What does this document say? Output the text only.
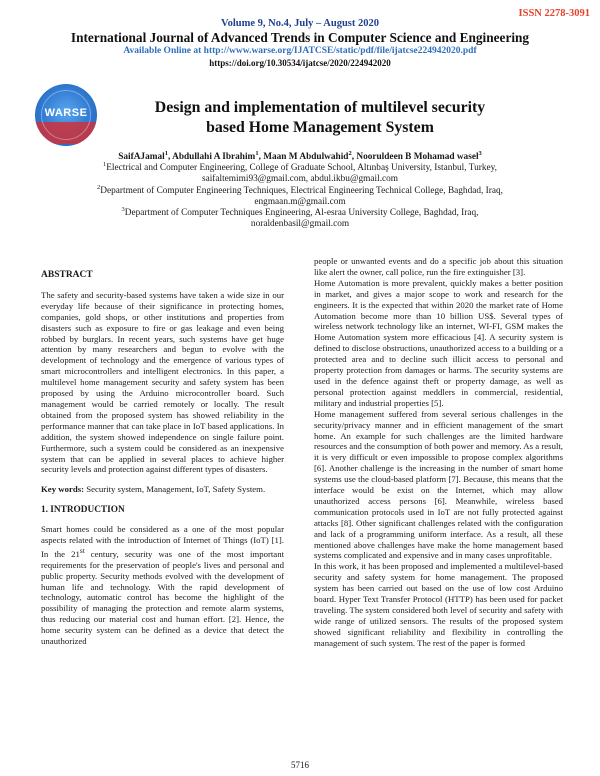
ISSN 2278-3091
Volume 9, No.4, July – August 2020
International Journal of Advanced Trends in Computer Science and Engineering
Available Online at http://www.warse.org/IJATCSE/static/pdf/file/ijatcse224942020.pdf
https://doi.org/10.30534/ijatcse/2020/224942020
WARSE	Design and implementation of multilevel security based Home Management System
SaifAJamal$^1$, Abdullahi A Ibrahim$^1$, Maan M Abdulwahid$^2$, Nooruldeen B Mohamad wasel$^3$
$^1$Electrical and Computer Engineering, College of Graduate School, Altınbaş University, Istanbul, Turkey,
saifaltemimi93@gmail.com, abdul.ikbu@gmail.com
$^2$Department of Computer Engineering Techniques, Electrical Engineering Technical College, Baghdad, Iraq,
engmaan.m@gmail.com
$^3$Department of Computer Techniques Engineering, Al-esraa University College, Baghdad, Iraq,
noraldenbasil@gmail.com

ABSTRACT

The safety and security-based systems have taken a wide size in our everyday life because of their significance in protecting homes, companies, gold shops, or other institutions and properties from disasters such as exposure to fire or gas leakage and even being robbed by burglars. In recent years, such systems have get huge attention by many researchers and begun to evolve with the development of technology and the emergence of various types of smart microcontrollers and intelligent electronics. In this paper, a multilevel home management security and safety system has been proposed by using the Arduino microcontroller board. Such management would be carried remotely or locally. The result obtained from the proposed system has showed reliability in the performance manner that can take place in IoT based applications. In addition, the system showed independence on single failure point. Furthermore, such a system could be considered as an inexpensive system that can be applied in several places to achieve higher security levels and protection against different types of disasters.

Key words: Security system, Management, IoT, Safety System.

1. INTRODUCTION

Smart homes could be considered as a one of the most popular aspects related with the introduction of Internet of Things (IoT) [1]. In the 21st century, security was one of the most important requirements for the preservation of people's lives and personal and public property. Security methods evolved with the development of human life and technology. With the rapid development of technology, automatic control has become the highlight of the possibility of managing the protection and remote alarm systems, thus reducing our material cost and human effort. [2]. Hence, the home security system can be defined as a device that detect the unauthorized

people or unwanted events and do a specific job about this situation like alert the owner, call police, run the fire extinguisher [3].

Home Automation is more prevalent, quickly makes a better position in market, and gives a major scope to work and research for the engineers. It is the expected that within 2020 the market rate of Home Automation become more than 10 billion US$. Several types of wireless network technology like an internet, WI-FI, GSM makes the Home Automation system more efficacious [4]. A security system is defined to disclose obstructions, unauthorized access to a building or a protected area and to decline such illicit access to personal and property protection from damages or harms. The security systems are used in the defence against theft or property damage, as well as personal protection against meddlers in commercial, residential, military and industrial properties [5].

Home management suffered from several serious challenges in the security/privacy manner and in efficient management of the smart home. An example for such challenges are the limited hardware resources and the consumption of both power and memory. As a result, it is very difficult or even impossible to propose complex algorithms [6]. Another challenge is the increasing in the number of smart home systems use the cloud-based platform [7]. Because, this means that the interface would be exist on the Internet, which may allow unauthorized access persons [6]. Meanwhile, wireless based communication protocols used in IoT are not fully protected against attacks [8]. Other significant challenges related with the configuration and lack of a programming uniform interface. As a result, all these mentioned above challenges have make the home management based systems complicated and expensive and in many cases unprofitable.

In this work, it has been proposed and implemented a multilevel-based security and safety system for home management. The proposed system has been carried out based on the use of low cost Arduino board. Hyper Text Transfer Protocol (HTTP) has been used for packet traveling. The system considered both level of security and safety with wide range of utilized sensors. The results of the proposed system showed significant reliability and flexibility in controlling the management of such system. The rest of the paper is formed

5716
